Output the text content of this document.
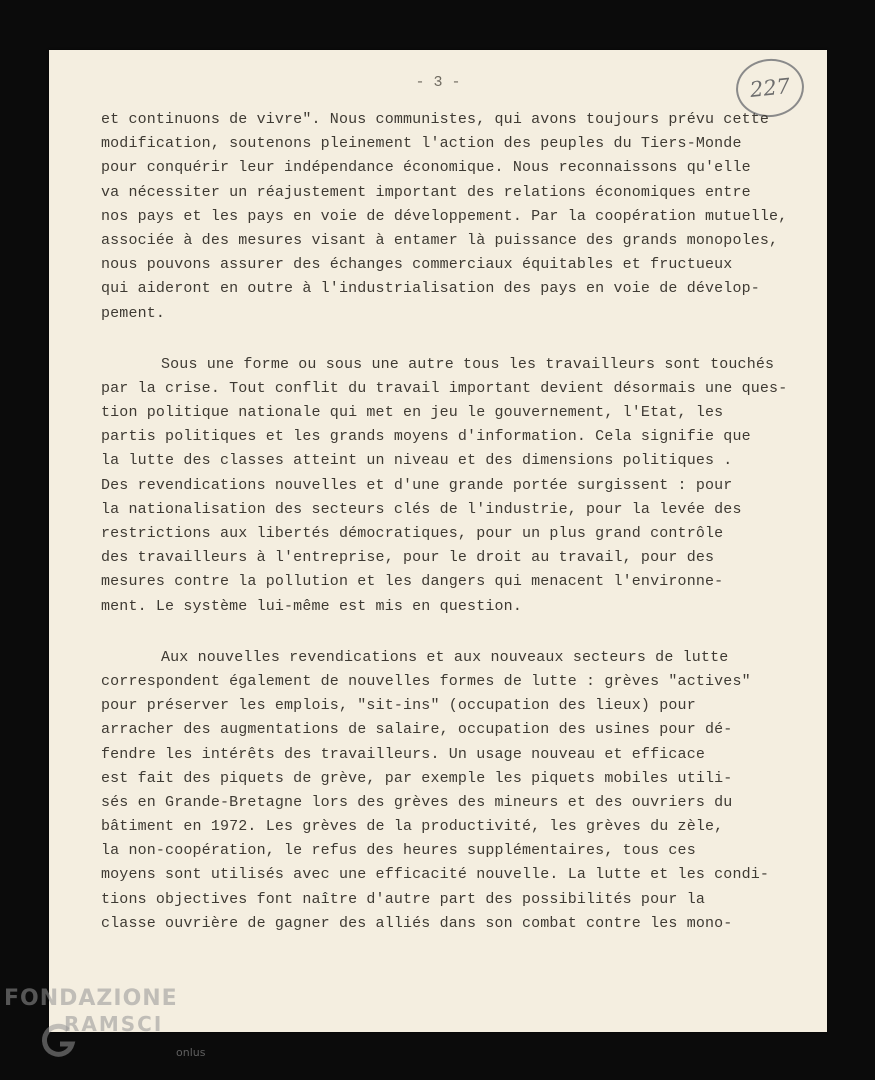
- 3 -	227
et continuons de vivre". Nous communistes, qui avons toujours prévu cette
modification, soutenons pleinement l'action des peuples du Tiers-Monde
pour conquérir leur indépendance économique. Nous reconnaissons qu'elle
va nécessiter un réajustement important des relations économiques entre
nos pays et les pays en voie de développement. Par la coopération mutuelle,
associée à des mesures visant à entamer là puissance des grands monopoles,
nous pouvons assurer des échanges commerciaux équitables et fructueux
qui aideront en outre à l'industrialisation des pays en voie de dévelop-
pement.
Sous une forme ou sous une autre tous les travailleurs sont touchés
par la crise. Tout conflit du travail important devient désormais une ques-
tion politique nationale qui met en jeu le gouvernement, l'Etat, les
partis politiques et les grands moyens d'information. Cela signifie que
la lutte des classes atteint un niveau et des dimensions politiques .
Des revendications nouvelles et d'une grande portée surgissent : pour
la nationalisation des secteurs clés de l'industrie, pour la levée des
restrictions aux libertés démocratiques, pour un plus grand contrôle
des travailleurs à l'entreprise, pour le droit au travail, pour des
mesures contre la pollution et les dangers qui menacent l'environne-
ment. Le système lui-même est mis en question.
Aux nouvelles revendications et aux nouveaux secteurs de lutte
correspondent également de nouvelles formes de lutte : grèves "actives"
pour préserver les emplois, "sit-ins" (occupation des lieux) pour
arracher des augmentations de salaire, occupation des usines pour dé-
fendre les intérêts des travailleurs. Un usage nouveau et efficace
est fait des piquets de grève, par exemple les piquets mobiles utili-
sés en Grande-Bretagne lors des grèves des mineurs et des ouvriers du
bâtiment en 1972. Les grèves de la productivité, les grèves du zèle,
la non-coopération, le refus des heures supplémentaires, tous ces
moyens sont utilisés avec une efficacité nouvelle. La lutte et les condi-
tions objectives font naître d'autre part des possibilités pour la
classe ouvrière de gagner des alliés dans son combat contre les mono-
FONDAZIONE
RAMSCI
onlus
